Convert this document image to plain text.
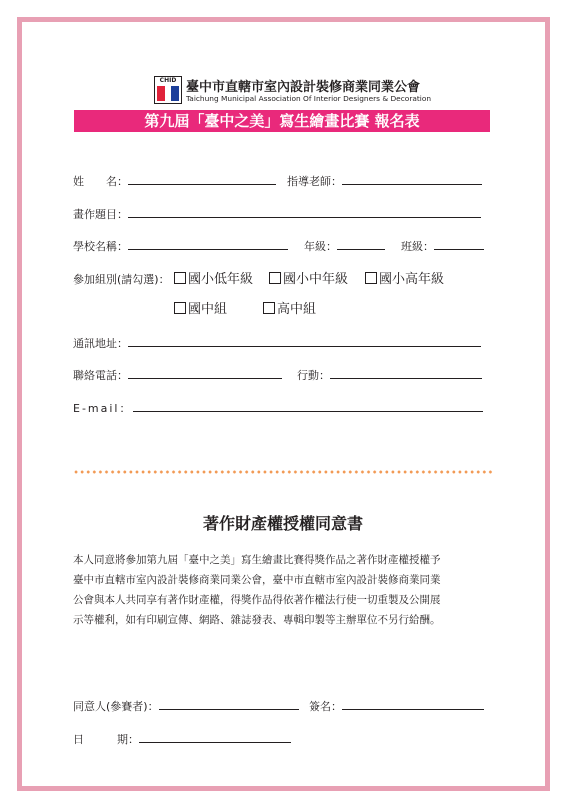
CHID 臺中市直轄市室內設計裝修商業同業公會
Taichung Municipal Association Of Interior Designers & Decoration
第九屆「臺中之美」寫生繪畫比賽 報名表
姓　　名：	指導老師：
畫作題目：
學校名稱：	年級：	班級：
參加組別(請勾選)：	國小低年級	國小中年級	國小高年級
國中組	高中組
通訊地址：
聯絡電話：	行動：
E-mail：
著作財產權授權同意書

本人同意將參加第九屆「臺中之美」寫生繪畫比賽得獎作品之著作財產權授權予

臺中市直轄市室內設計裝修商業同業公會，臺中市直轄市室內設計裝修商業同業

公會與本人共同享有著作財產權，得獎作品得依著作權法行使一切重製及公開展

示等權利，如有印刷宣傳、網路、雜誌發表、專輯印製等主辦單位不另行給酬。

同意人(參賽者)：	簽名：
日　　　期：
